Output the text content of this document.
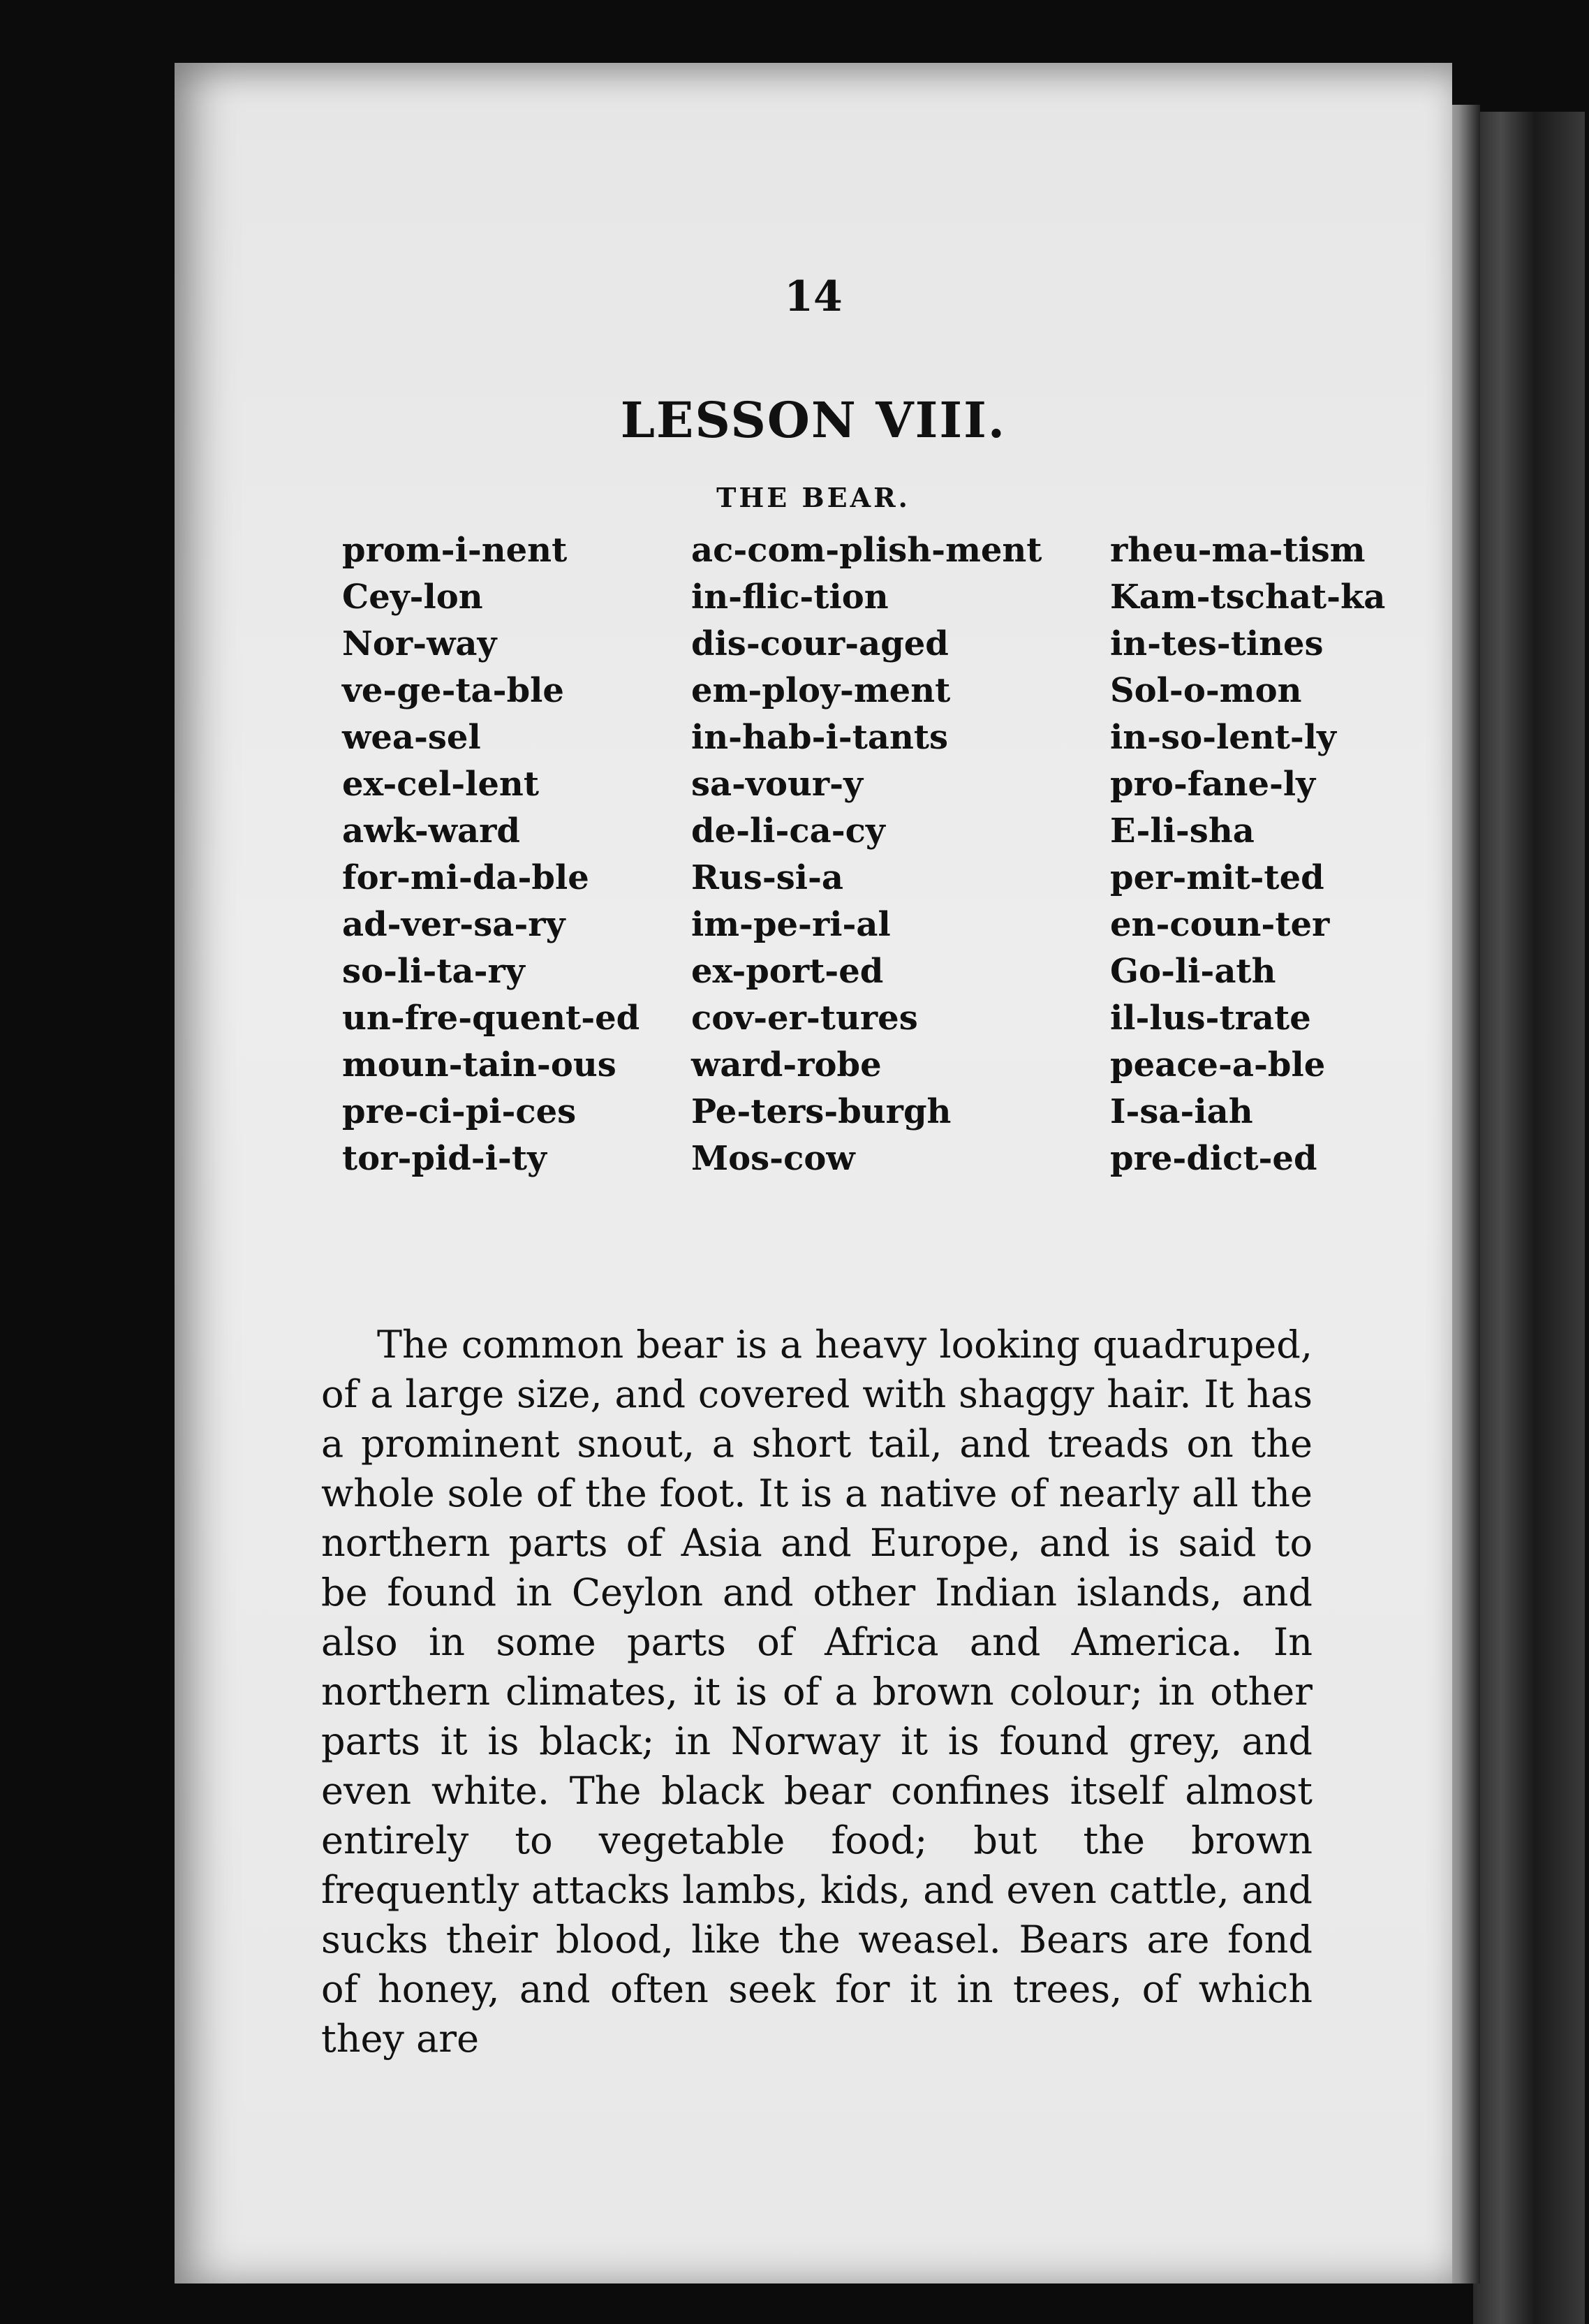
14
LESSON VIII.
THE BEAR.
prom-i-nent
Cey-lon
Nor-way
ve-ge-ta-ble
wea-sel
ex-cel-lent
awk-ward
for-mi-da-ble
ad-ver-sa-ry
so-li-ta-ry
un-fre-quent-ed
moun-tain-ous
pre-ci-pi-ces
tor-pid-i-ty
ac-com-plish-ment
in-flic-tion
dis-cour-aged
em-ploy-ment
in-hab-i-tants
sa-vour-y
de-li-ca-cy
Rus-si-a
im-pe-ri-al
ex-port-ed
cov-er-tures
ward-robe
Pe-ters-burgh
Mos-cow
rheu-ma-tism
Kam-tschat-ka
in-tes-tines
Sol-o-mon
in-so-lent-ly
pro-fane-ly
E-li-sha
per-mit-ted
en-coun-ter
Go-li-ath
il-lus-trate
peace-a-ble
I-sa-iah
pre-dict-ed

The common bear is a heavy looking quadruped, of a large size, and covered with shaggy hair. It has a prominent snout, a short tail, and treads on the whole sole of the foot. It is a native of nearly all the northern parts of Asia and Europe, and is said to be found in Ceylon and other Indian islands, and also in some parts of Africa and America. In northern climates, it is of a brown colour; in other parts it is black; in Norway it is found grey, and even white. The black bear confines itself almost entirely to vegetable food; but the brown frequently attacks lambs, kids, and even cattle, and sucks their blood, like the weasel. Bears are fond of honey, and often seek for it in trees, of which they are
